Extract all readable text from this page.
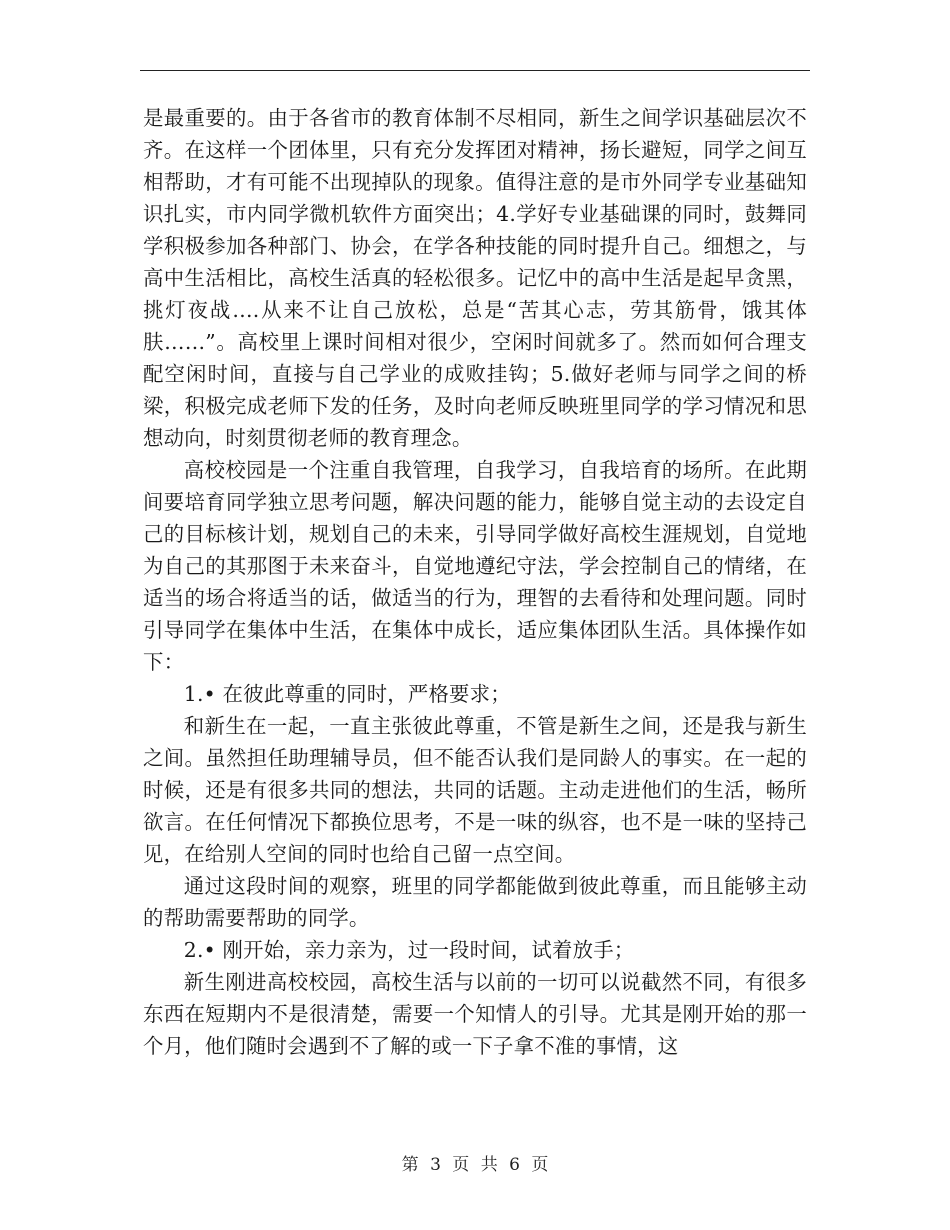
是最重要的。由于各省市的教育体制不尽相同，新生之间学识基础层次不齐。在这样一个团体里，只有充分发挥团对精神，扬长避短，同学之间互相帮助，才有可能不出现掉队的现象。值得注意的是市外同学专业基础知识扎实，市内同学微机软件方面突出；4.学好专业基础课的同时，鼓舞同学积极参加各种部门、协会，在学各种技能的同时提升自己。细想之，与高中生活相比，高校生活真的轻松很多。记忆中的高中生活是起早贪黑，挑灯夜战….从来不让自己放松，总是“苦其心志，劳其筋骨，饿其体肤……”。高校里上课时间相对很少，空闲时间就多了。然而如何合理支配空闲时间，直接与自己学业的成败挂钩；5.做好老师与同学之间的桥梁，积极完成老师下发的任务，及时向老师反映班里同学的学习情况和思想动向，时刻贯彻老师的教育理念。

高校校园是一个注重自我管理，自我学习，自我培育的场所。在此期间要培育同学独立思考问题，解决问题的能力，能够自觉主动的去设定自己的目标核计划，规划自己的未来，引导同学做好高校生涯规划，自觉地为自己的其那图于未来奋斗，自觉地遵纪守法，学会控制自己的情绪，在适当的场合将适当的话，做适当的行为，理智的去看待和处理问题。同时引导同学在集体中生活，在集体中成长，适应集体团队生活。具体操作如下：

1.• 在彼此尊重的同时，严格要求；

和新生在一起，一直主张彼此尊重，不管是新生之间，还是我与新生之间。虽然担任助理辅导员，但不能否认我们是同龄人的事实。在一起的时候，还是有很多共同的想法，共同的话题。主动走进他们的生活，畅所欲言。在任何情况下都换位思考，不是一味的纵容，也不是一味的坚持己见，在给别人空间的同时也给自己留一点空间。

通过这段时间的观察，班里的同学都能做到彼此尊重，而且能够主动的帮助需要帮助的同学。

2.• 刚开始，亲力亲为，过一段时间，试着放手；

新生刚进高校校园，高校生活与以前的一切可以说截然不同，有很多东西在短期内不是很清楚，需要一个知情人的引导。尤其是刚开始的那一个月，他们随时会遇到不了解的或一下子拿不准的事情，这

第 3 页 共 6 页
